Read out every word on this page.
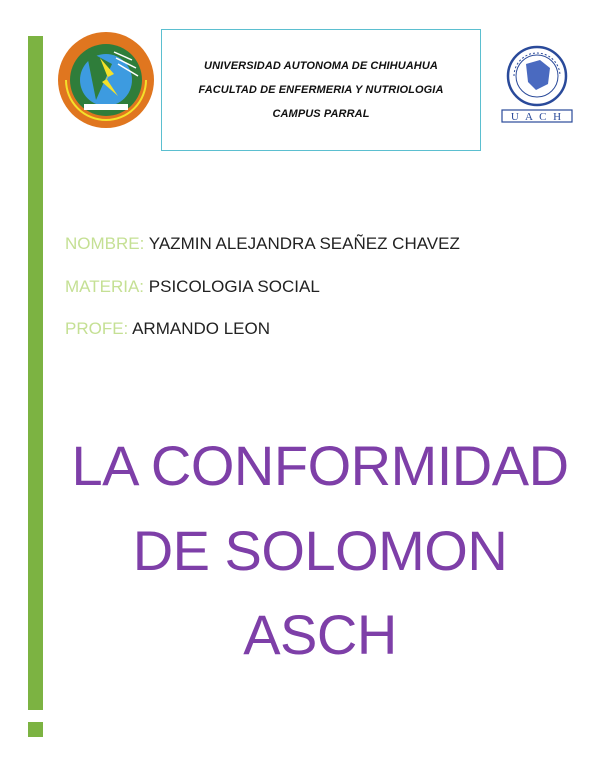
UNIVERSIDAD AUTONOMA DE CHIHUAHUA
FACULTAD DE ENFERMERIA Y NUTRIOLOGIA
CAMPUS PARRAL	U A C H
NOMBRE: YAZMIN ALEJANDRA SEAÑEZ CHAVEZ
MATERIA: PSICOLOGIA SOCIAL
PROFE: ARMANDO LEON
LA CONFORMIDAD
DE SOLOMON
ASCH
